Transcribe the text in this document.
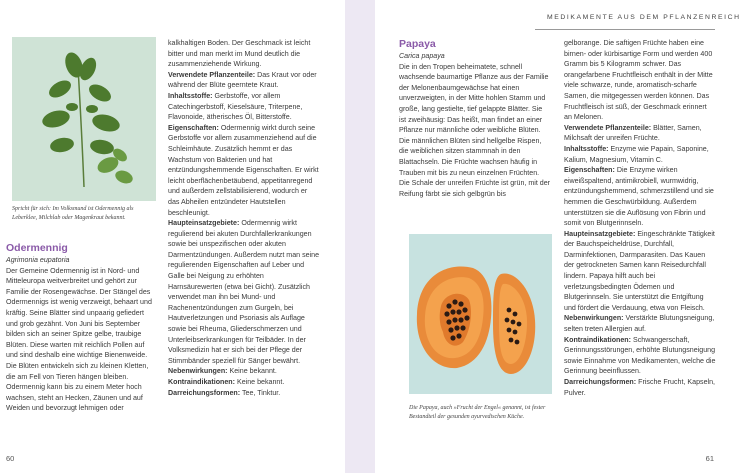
Spricht für sich: Im Volksmund ist Odermennig als Leberklee, Milchlab oder Magenkraut bekannt.
Odermennig

Agrimonia eupatoria

Der Gemeine Odermennig ist in Nord- und Mitteleuropa weitverbreitet und gehört zur Familie der Rosengewächse. Der Stängel des Odermennigs ist wenig verzweigt, behaart und kräftig. Seine Blätter sind unpaarig gefiedert und grob gezähnt. Von Juni bis September bilden sich an seiner Spitze gelbe, traubige Blüten. Diese warten mit reichlich Pollen auf und sind deshalb eine wichtige Bienenweide. Die Blüten entwickeln sich zu kleinen Kletten, die am Fell von Tieren hängen bleiben. Odermennig kann bis zu einem Meter hoch wachsen, steht an Hecken, Zäunen und auf Weiden und bevorzugt lehmigen oder

kalkhaltigen Boden. Der Geschmack ist leicht bitter und man merkt im Mund deutlich die zusammenziehende Wirkung.

Verwendete Pflanzenteile: Das Kraut vor oder während der Blüte geerntete Kraut.

Inhaltsstoffe: Gerbstoffe, vor allem Catechingerbstoff, Kieselsäure, Triterpene, Flavonoide, ätherisches Öl, Bitterstoffe.

Eigenschaften: Odermennig wirkt durch seine Gerbstoffe vor allem zusammenziehend auf die Schleimhäute. Zusätzlich hemmt er das Wachstum von Bakterien und hat entzündungshemmende Eigenschaften. Er wirkt leicht oberflächenbetäubend, appetitanregend und außerdem zellstabilisierend, wodurch er das Abheilen entzündeter Hautstellen beschleunigt.

Haupteinsatzgebiete: Odermennig wirkt regulierend bei akuten Durchfallerkrankungen sowie bei unspezifischen oder akuten Darmentzündungen. Außerdem nutzt man seine regulierenden Eigenschaften auf Leber und Galle bei Neigung zu erhöhten Harnsäurewerten (etwa bei Gicht). Zusätzlich verwendet man ihn bei Mund- und Rachenentzündungen zum Gurgeln, bei Hautverletzungen und Psoriasis als Auflage sowie bei Rheuma, Gliederschmerzen und Unterleibserkrankungen für Teilbäder. In der Volksmedizin hat er sich bei der Pflege der Stimmbänder speziell für Sänger bewährt.

Nebenwirkungen: Keine bekannt.

Kontraindikationen: Keine bekannt.

Darreichungsformen: Tee, Tinktur.

60
MEDIKAMENTE AUS DEM PFLANZENREICH
Papaya

Carica papaya

Die in den Tropen beheimatete, schnell wachsende baumartige Pflanze aus der Familie der Melonenbaumgewächse hat einen unverzweigten, in der Mitte hohlen Stamm und große, lang gestielte, tief gelappte Blätter. Sie ist zweihäusig: Das heißt, man findet an einer Pflanze nur männliche oder weibliche Blüten. Die männlichen Blüten sind hellgelbe Rispen, die weiblichen sitzen stammnah in den Blattachseln. Die Früchte wachsen häufig in Trauben mit bis zu neun einzelnen Früchten. Die Schale der unreifen Früchte ist grün, mit der Reifung färbt sie sich gelbgrün bis

Die Papaya, auch »Frucht der Engel« genannt, ist fester Bestandteil der gesunden ayurvedischen Küche.

gelborange. Die saftigen Früchte haben eine birnen- oder kürbisartige Form und werden 400 Gramm bis 5 Kilogramm schwer. Das orangefarbene Fruchtfleisch enthält in der Mitte viele schwarze, runde, aromatisch-scharfe Samen, die mitgegessen werden können. Das Fruchtfleisch ist süß, der Geschmack erinnert an Melonen.

Verwendete Pflanzenteile: Blätter, Samen, Milchsaft der unreifen Früchte.

Inhaltsstoffe: Enzyme wie Papain, Saponine, Kalium, Magnesium, Vitamin C.

Eigenschaften: Die Enzyme wirken eiweißspaltend, antimikrobiell, wurmwidrig, entzündungshemmend, schmerzstillend und sie hemmen die Geschwürbildung. Außerdem unterstützen sie die Auflösung von Fibrin und somit von Blutgerinnseln.

Haupteinsatzgebiete: Eingeschränkte Tätigkeit der Bauchspeicheldrüse, Durchfall, Darminfektionen, Darmparasiten. Das Kauen der getrockneten Samen kann Reisedurchfall lindern. Papaya hilft auch bei verletzungsbedingten Ödemen und Blutgerinnseln. Sie unterstützt die Entgiftung und fördert die Verdauung, etwa von Fleisch.

Nebenwirkungen: Verstärkte Blutungsneigung, selten treten Allergien auf.

Kontraindikationen: Schwangerschaft, Gerinnungsstörungen, erhöhte Blutungsneigung sowie Einnahme von Medikamenten, welche die Gerinnung beeinflussen.

Darreichungsformen: Frische Frucht, Kapseln, Pulver.

61
